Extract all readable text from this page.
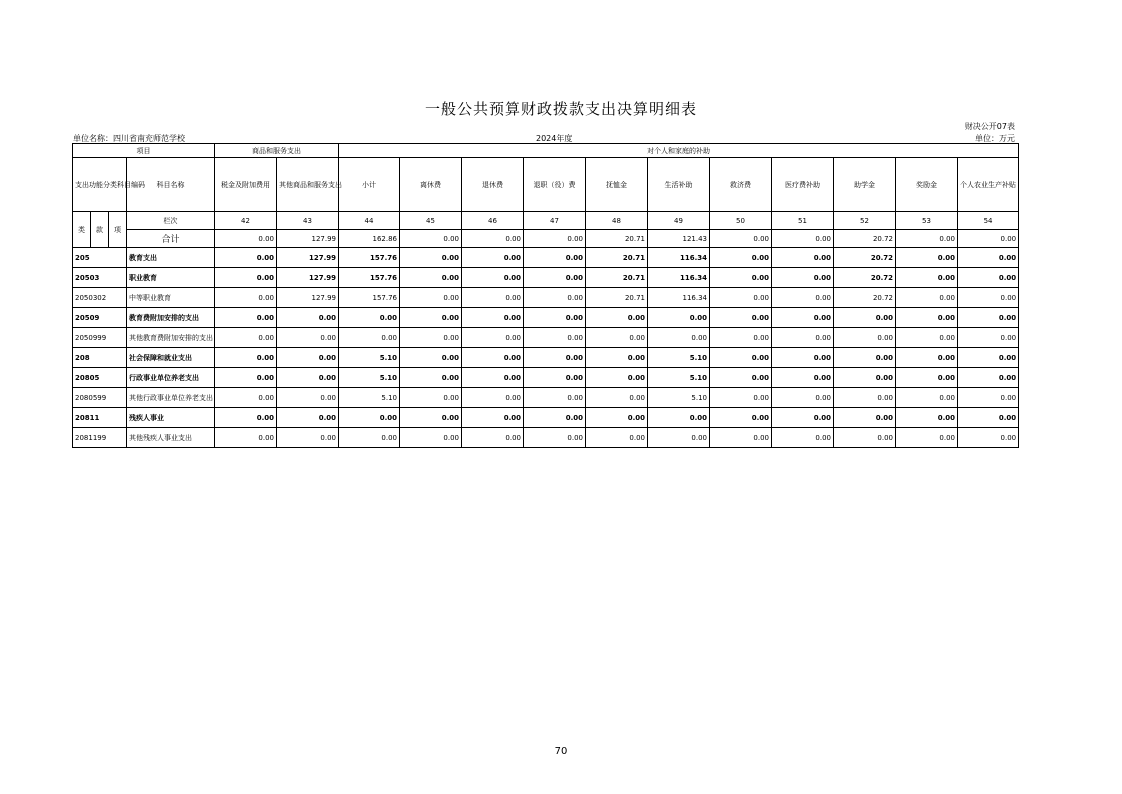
一般公共预算财政拨款支出决算明细表
财决公开07表
单位名称：四川省南充师范学校	2024年度	单位：万元
项目				商品和服务支出		对个人和家庭的补助										
支出功能分类科目编码			科目名称	税金及附加费用	其他商品和服务支出	小计	离休费	退休费	退职（役）费	抚恤金	生活补助	救济费	医疗费补助	助学金	奖励金	个人农业生产补贴
类	款	项	栏次	42	43	44	45	46	47	48	49	50	51	52	53	54
			合计	0.00	127.99	162.86	0.00	0.00	0.00	20.71	121.43	0.00	0.00	20.72	0.00	0.00
205			教育支出	0.00	127.99	157.76	0.00	0.00	0.00	20.71	116.34	0.00	0.00	20.72	0.00	0.00
20503			职业教育	0.00	127.99	157.76	0.00	0.00	0.00	20.71	116.34	0.00	0.00	20.72	0.00	0.00
2050302			中等职业教育	0.00	127.99	157.76	0.00	0.00	0.00	20.71	116.34	0.00	0.00	20.72	0.00	0.00
20509			教育费附加安排的支出	0.00	0.00	0.00	0.00	0.00	0.00	0.00	0.00	0.00	0.00	0.00	0.00	0.00
2050999			其他教育费附加安排的支出	0.00	0.00	0.00	0.00	0.00	0.00	0.00	0.00	0.00	0.00	0.00	0.00	0.00
208			社会保障和就业支出	0.00	0.00	5.10	0.00	0.00	0.00	0.00	5.10	0.00	0.00	0.00	0.00	0.00
20805			行政事业单位养老支出	0.00	0.00	5.10	0.00	0.00	0.00	0.00	5.10	0.00	0.00	0.00	0.00	0.00
2080599			其他行政事业单位养老支出	0.00	0.00	5.10	0.00	0.00	0.00	0.00	5.10	0.00	0.00	0.00	0.00	0.00
20811			残疾人事业	0.00	0.00	0.00	0.00	0.00	0.00	0.00	0.00	0.00	0.00	0.00	0.00	0.00
2081199			其他残疾人事业支出	0.00	0.00	0.00	0.00	0.00	0.00	0.00	0.00	0.00	0.00	0.00	0.00	0.00
70
